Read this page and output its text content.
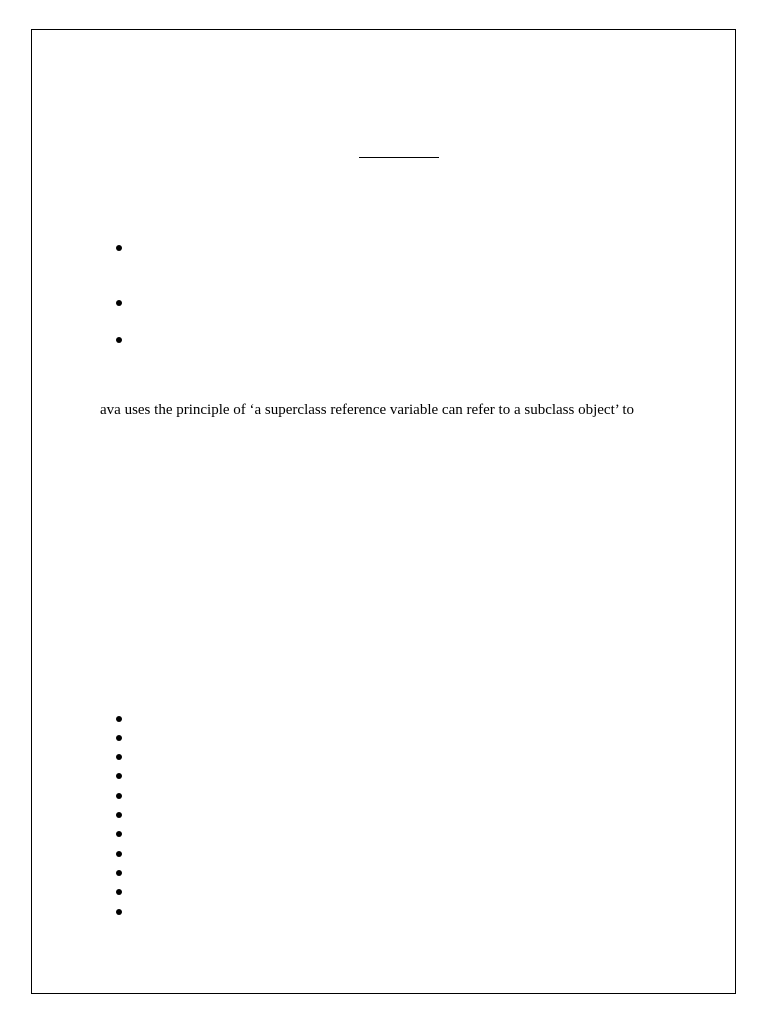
ava uses the principle of ‘a superclass reference variable can refer to a subclass object’ to
